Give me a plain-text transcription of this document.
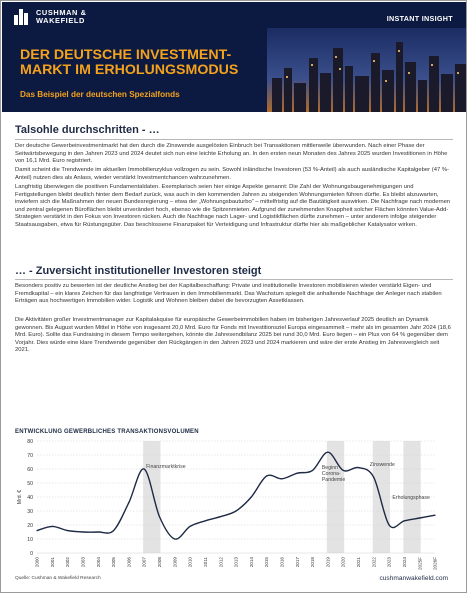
CUSHMAN &
WAKEFIELD	INSTANT INSIGHT
DER DEUTSCHE INVESTMENT-MARKT IM ERHOLUNGSMODUS
Das Beispiel der deutschen Spezialfonds
Talsohle durchschritten - …
Der deutsche Gewerbeinvestmentmarkt hat den durch die Zinswende ausgelösten Einbruch bei Transaktionen mittlerweile überwunden. Nach einer Phase der Seitwärtsbewegung in den Jahren 2023 und 2024 deutet sich nun eine leichte Erholung an. In den ersten neun Monaten des Jahres 2025 wurden Investitionen in Höhe von 16,1 Mrd. Euro registriert.
Damit scheint die Trendwende im aktuellen Immobilienzyklus vollzogen zu sein. Sowohl inländische Investoren (53 %-Anteil) als auch ausländische Kapitalgeber (47 %-Anteil) nutzen dies als Anlass, wieder verstärkt Investmentchancen wahrzunehmen.
Langfristig überwiegen die positiven Fundamentaldaten. Exemplarisch seien hier einige Aspekte genannt: Die Zahl der Wohnungsbaugenehmigungen und Fertigstellungen bleibt deutlich hinter dem Bedarf zurück, was auch in den kommenden Jahren zu steigenden Wohnungsmieten führen dürfte. Es bleibt abzuwarten, inwiefern sich die Maßnahmen der neuen Bundesregierung – etwa der „Wohnungsbauturbo“ – mittelfristig auf die Bautätigkeit auswirken. Die Nachfrage nach modernen und zentral gelegenen Büroflächen bleibt unverändert hoch, ebenso wie die Spitzenmieten. Aufgrund der zunehmenden Knappheit solcher Flächen könnten Value-Add-Strategien verstärkt in den Fokus von Investoren rücken. Auch die Nachfrage nach Lager- und Logistikflächen dürfte zunehmen – unter anderem infolge steigender Staatsausgaben, etwa für Rüstungsgüter. Das beschlossene Finanzpaket für Verteidigung und Infrastruktur dürfte hier als maßgeblicher Katalysator wirken.
… - Zuversicht institutioneller Investoren steigt
Besonders positiv zu bewerten ist der deutliche Anstieg bei der Kapitalbeschaffung: Private und institutionelle Investoren mobilisieren wieder verstärkt Eigen- und Fremdkapital – ein klares Zeichen für das langfristige Vertrauen in den Immobilienmarkt. Das Wachstum spiegelt die anhaltende Nachfrage der Anleger nach stabilen Erträgen aus hochwertigen Immobilien wider. Logistik und Wohnen bleiben dabei die bevorzugten Assetklassen.
Die Aktivitäten großer Investmentmanager zur Kapitalakquise für europäische Gewerbeimmobilien haben im bisherigen Jahresverlauf 2025 deutlich an Dynamik gewonnen. Bis August wurden Mittel in Höhe von insgesamt 20,0 Mrd. Euro für Fonds mit Investitionsziel Europa eingesammelt – mehr als im gesamten Jahr 2024 (18,6 Mrd. Euro). Sollte das Fundraising in diesem Tempo weitergehen, könnte die Jahresendbilanz 2025 bei rund 30,0 Mrd. Euro liegen – ein Plus von 64 % gegenüber dem Vorjahr. Dies würde eine klare Trendwende gegenüber den Rückgängen in den Jahren 2023 und 2024 markieren und wäre der erste Anstieg im Jahresvergleich seit 2021.
ENTWICKLUNG GEWERBLICHES TRANSAKTIONSVOLUMEN
0
10
20
30
40
50
60
70
80
Mrd. €
2000 2001 2002 2003 2004 2005 2006 2007 2008 2009 2010 2011 2012 2013 2014 2015 2016 2017 2018 2019 2020 2021 2022 2023 2024 2025F 2026F
Finanzmarktkrise	Beginn Corona-Pandemie
Zinswende
Erholungsphase
Quelle: Cushman & Wakefield Research	cushmanwakefield.com
